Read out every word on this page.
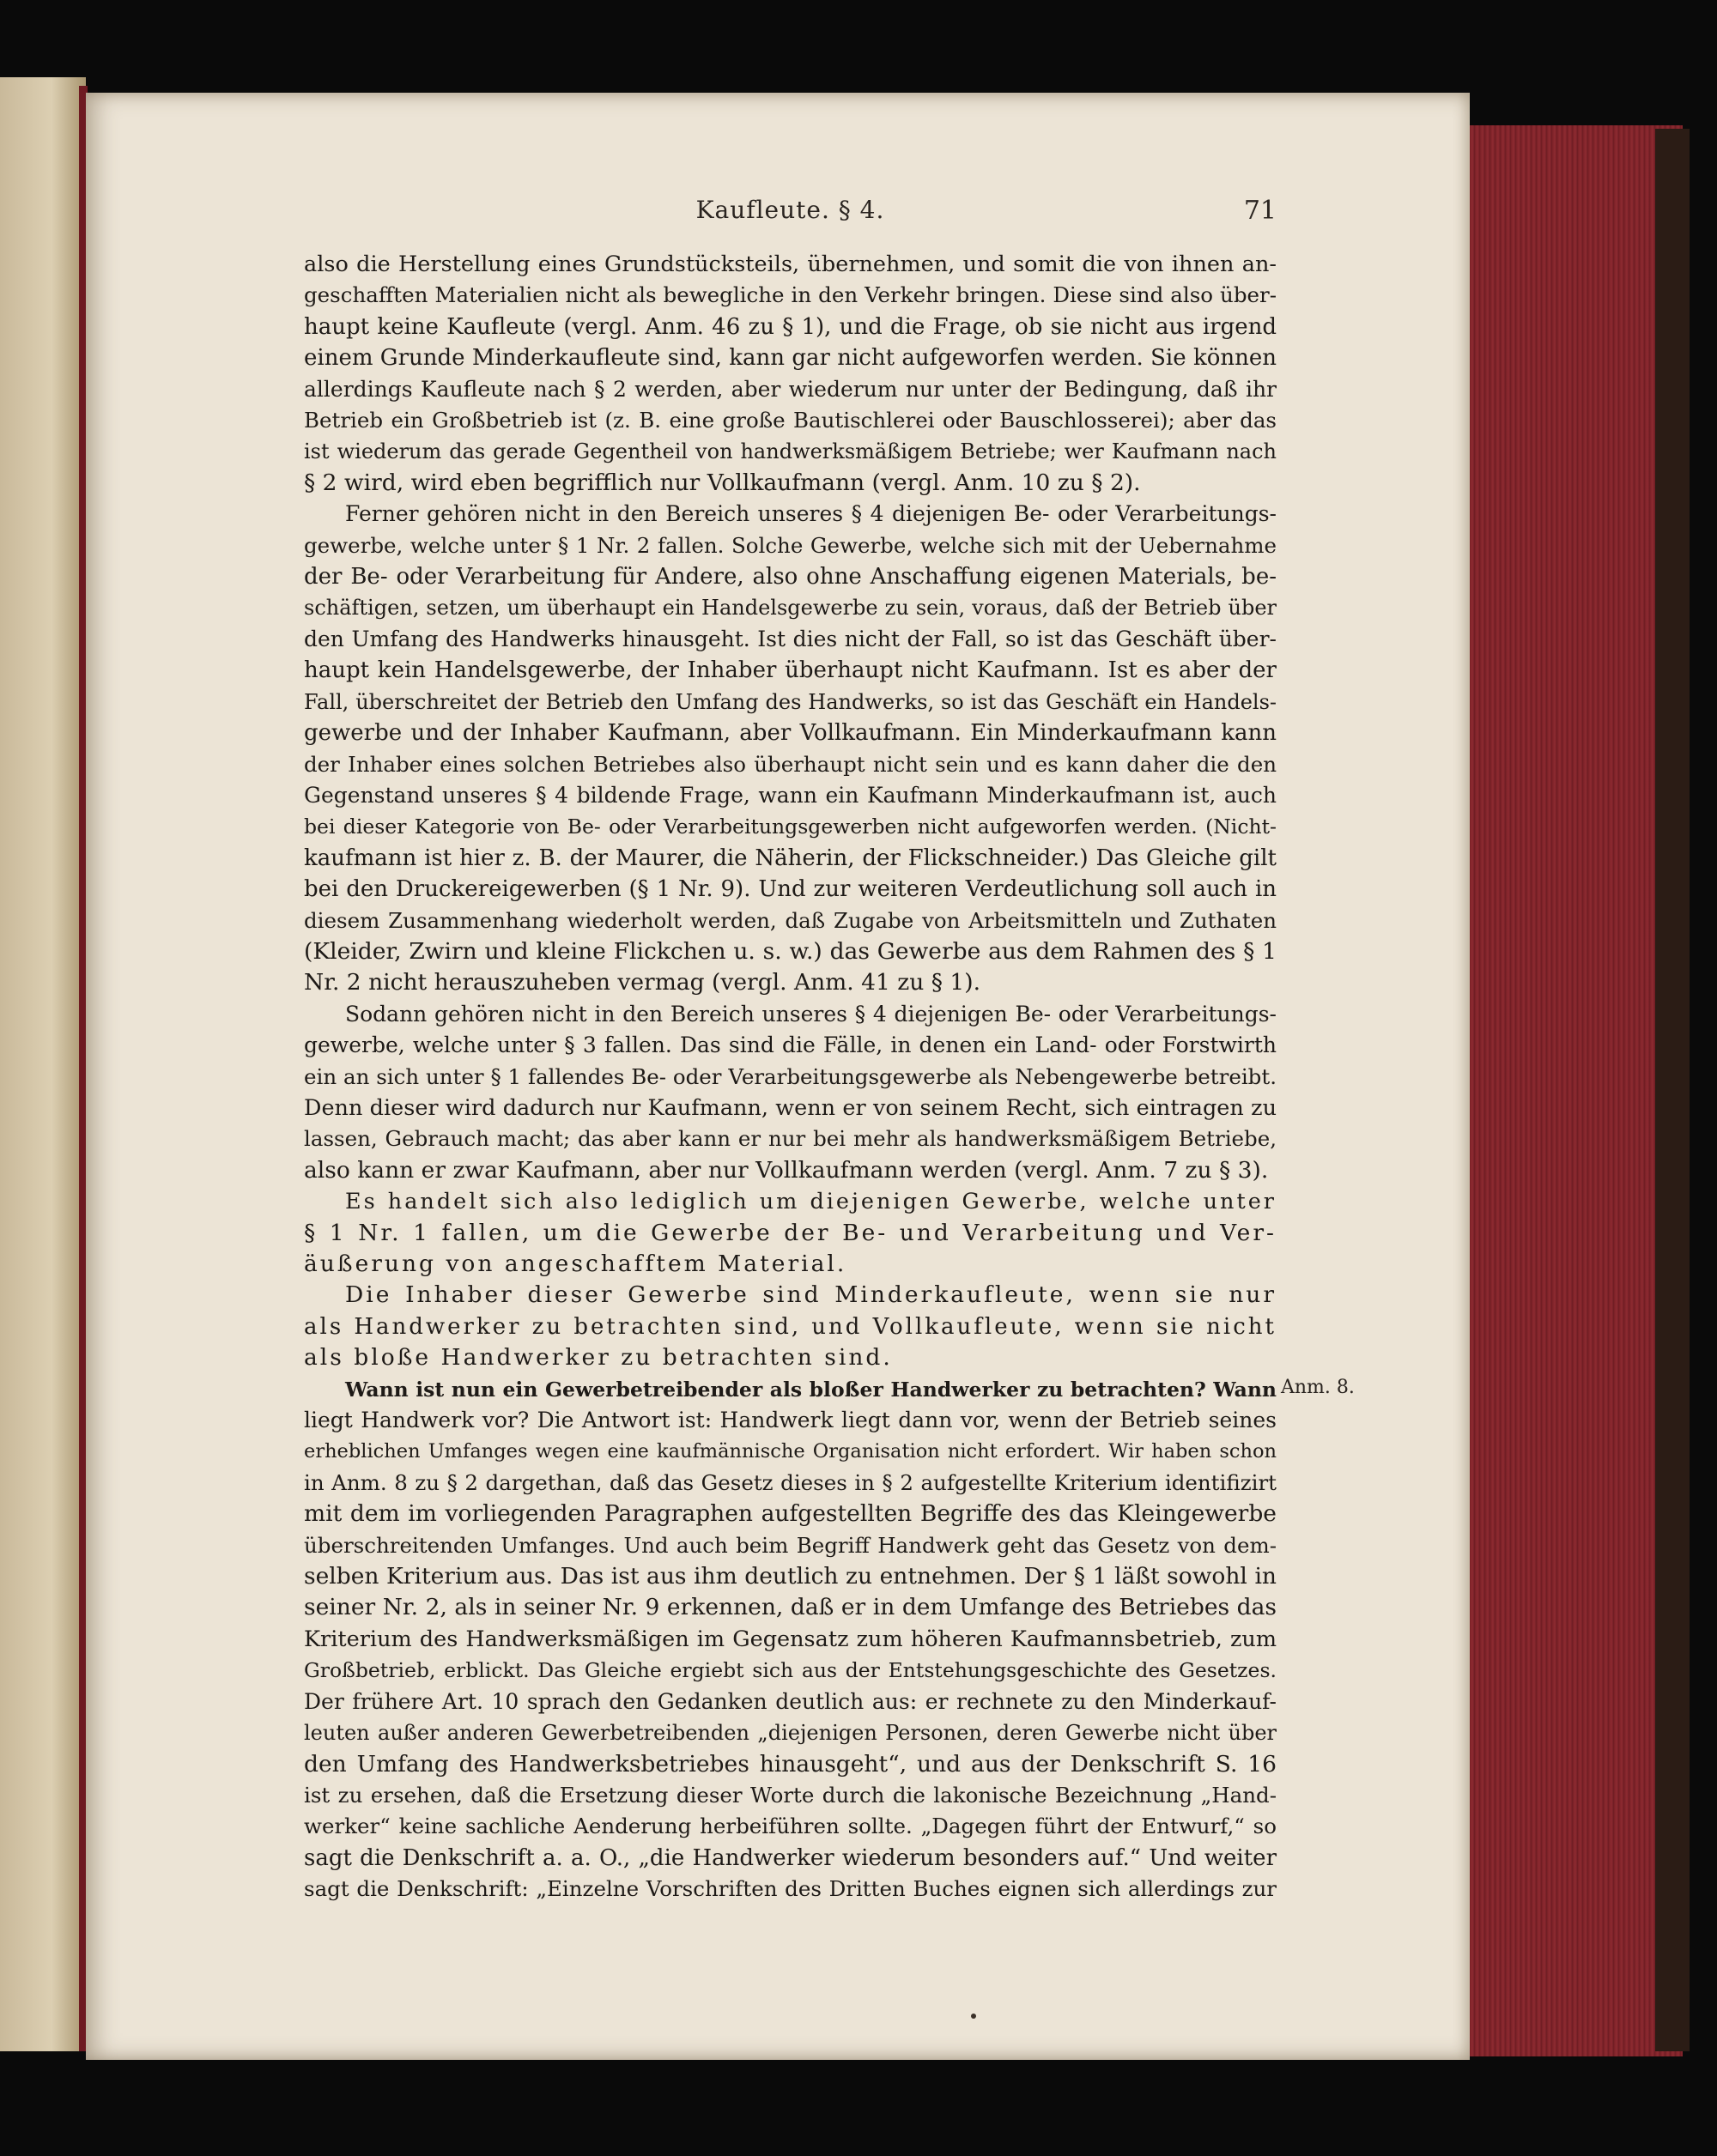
Kaufleute. § 4.	71
Anm. 8.

also die Herstellung eines Grundstücksteils, übernehmen, und somit die von ihnen an-
geschafften Materialien nicht als bewegliche in den Verkehr bringen. Diese sind also über-
haupt keine Kaufleute (vergl. Anm. 46 zu § 1), und die Frage, ob sie nicht aus irgend
einem Grunde Minderkaufleute sind, kann gar nicht aufgeworfen werden. Sie können
allerdings Kaufleute nach § 2 werden, aber wiederum nur unter der Bedingung, daß ihr
Betrieb ein Großbetrieb ist (z. B. eine große Bautischlerei oder Bauschlosserei); aber das
ist wiederum das gerade Gegentheil von handwerksmäßigem Betriebe; wer Kaufmann nach
§ 2 wird, wird eben begrifflich nur Vollkaufmann (vergl. Anm. 10 zu § 2).

Ferner gehören nicht in den Bereich unseres § 4 diejenigen Be- oder Verarbeitungs-
gewerbe, welche unter § 1 Nr. 2 fallen. Solche Gewerbe, welche sich mit der Uebernahme
der Be- oder Verarbeitung für Andere, also ohne Anschaffung eigenen Materials, be-
schäftigen, setzen, um überhaupt ein Handelsgewerbe zu sein, voraus, daß der Betrieb über
den Umfang des Handwerks hinausgeht. Ist dies nicht der Fall, so ist das Geschäft über-
haupt kein Handelsgewerbe, der Inhaber überhaupt nicht Kaufmann. Ist es aber der
Fall, überschreitet der Betrieb den Umfang des Handwerks, so ist das Geschäft ein Handels-
gewerbe und der Inhaber Kaufmann, aber Vollkaufmann. Ein Minderkaufmann kann
der Inhaber eines solchen Betriebes also überhaupt nicht sein und es kann daher die den
Gegenstand unseres § 4 bildende Frage, wann ein Kaufmann Minderkaufmann ist, auch
bei dieser Kategorie von Be- oder Verarbeitungsgewerben nicht aufgeworfen werden. (Nicht-
kaufmann ist hier z. B. der Maurer, die Näherin, der Flickschneider.) Das Gleiche gilt
bei den Druckereigewerben (§ 1 Nr. 9). Und zur weiteren Verdeutlichung soll auch in
diesem Zusammenhang wiederholt werden, daß Zugabe von Arbeitsmitteln und Zuthaten
(Kleider, Zwirn und kleine Flickchen u. s. w.) das Gewerbe aus dem Rahmen des § 1
Nr. 2 nicht herauszuheben vermag (vergl. Anm. 41 zu § 1).

Sodann gehören nicht in den Bereich unseres § 4 diejenigen Be- oder Verarbeitungs-
gewerbe, welche unter § 3 fallen. Das sind die Fälle, in denen ein Land- oder Forstwirth
ein an sich unter § 1 fallendes Be- oder Verarbeitungsgewerbe als Nebengewerbe betreibt.
Denn dieser wird dadurch nur Kaufmann, wenn er von seinem Recht, sich eintragen zu
lassen, Gebrauch macht; das aber kann er nur bei mehr als handwerksmäßigem Betriebe,
also kann er zwar Kaufmann, aber nur Vollkaufmann werden (vergl. Anm. 7 zu § 3).

Es handelt sich also lediglich um diejenigen Gewerbe, welche unter
§ 1 Nr. 1 fallen, um die Gewerbe der Be- und Verarbeitung und Ver-
äußerung von angeschafftem Material.

Die Inhaber dieser Gewerbe sind Minderkaufleute, wenn sie nur
als Handwerker zu betrachten sind, und Vollkaufleute, wenn sie nicht
als bloße Handwerker zu betrachten sind.

Wann ist nun ein Gewerbetreibender als bloßer Handwerker zu betrachten? Wann
liegt Handwerk vor? Die Antwort ist: Handwerk liegt dann vor, wenn der Betrieb seines
erheblichen Umfanges wegen eine kaufmännische Organisation nicht erfordert. Wir haben schon
in Anm. 8 zu § 2 dargethan, daß das Gesetz dieses in § 2 aufgestellte Kriterium identifizirt
mit dem im vorliegenden Paragraphen aufgestellten Begriffe des das Kleingewerbe
überschreitenden Umfanges. Und auch beim Begriff Handwerk geht das Gesetz von dem-
selben Kriterium aus. Das ist aus ihm deutlich zu entnehmen. Der § 1 läßt sowohl in
seiner Nr. 2, als in seiner Nr. 9 erkennen, daß er in dem Umfange des Betriebes das
Kriterium des Handwerksmäßigen im Gegensatz zum höheren Kaufmannsbetrieb, zum
Großbetrieb, erblickt. Das Gleiche ergiebt sich aus der Entstehungsgeschichte des Gesetzes.
Der frühere Art. 10 sprach den Gedanken deutlich aus: er rechnete zu den Minderkauf-
leuten außer anderen Gewerbetreibenden „diejenigen Personen, deren Gewerbe nicht über
den Umfang des Handwerksbetriebes hinausgeht“, und aus der Denkschrift S. 16
ist zu ersehen, daß die Ersetzung dieser Worte durch die lakonische Bezeichnung „Hand-
werker“ keine sachliche Aenderung herbeiführen sollte. „Dagegen führt der Entwurf,“ so
sagt die Denkschrift a. a. O., „die Handwerker wiederum besonders auf.“ Und weiter
sagt die Denkschrift: „Einzelne Vorschriften des Dritten Buches eignen sich allerdings zur
